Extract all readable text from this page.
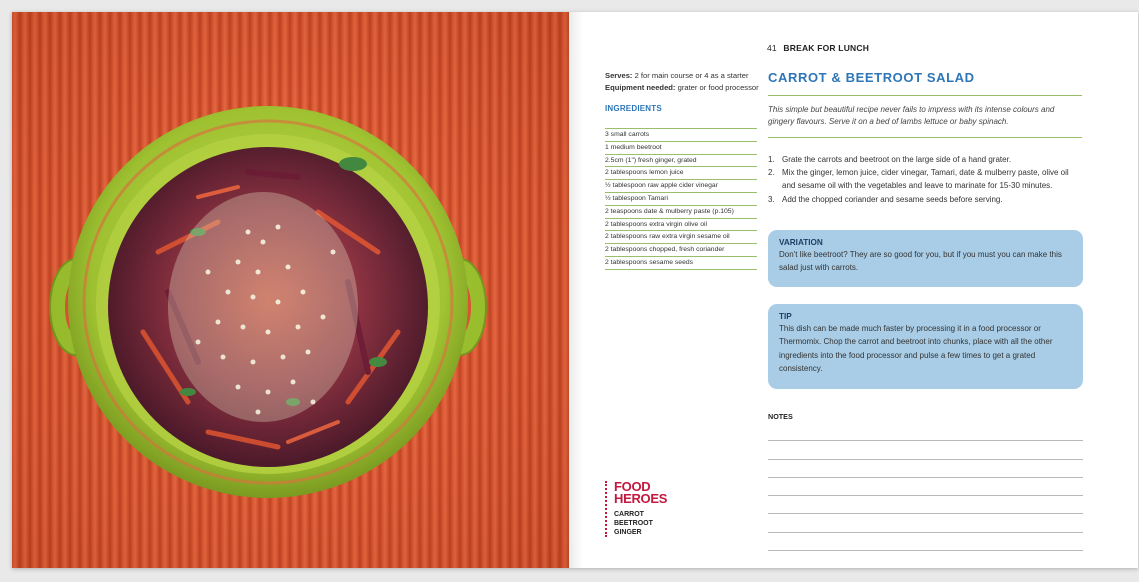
41 BREAK FOR LUNCH
Serves: 2 for main course or 4 as a starter
Equipment needed: grater or food processor
INGREDIENTS
3 small carrots
1 medium beetroot
2.5cm (1") fresh ginger, grated
2 tablespoons lemon juice
½ tablespoon raw apple cider vinegar
½ tablespoon Tamari
2 teaspoons date & mulberry paste (p.105)
2 tablespoons extra virgin olive oil
2 tablespoons raw extra virgin sesame oil
2 tablespoons chopped, fresh coriander
2 tablespoons sesame seeds
CARROT & BEETROOT SALAD
This simple but beautiful recipe never fails to impress with its intense colours and gingery flavours. Serve it on a bed of lambs lettuce or baby spinach.
1. Grate the carrots and beetroot on the large side of a hand grater.
2. Mix the ginger, lemon juice, cider vinegar, Tamari, date & mulberry paste, olive oil and sesame oil with the vegetables and leave to marinate for 15-30 minutes.
3. Add the chopped coriander and sesame seeds before serving.
VARIATION
Don't like beetroot? They are so good for you, but if you must you can make this salad just with carrots.
TIP
This dish can be made much faster by processing it in a food processor or Thermomix. Chop the carrot and beetroot into chunks, place with all the other ingredients into the food processor and pulse a few times to get a grated consistency.
NOTES
FOOD
HEROES
CARROT
BEETROOT
GINGER
